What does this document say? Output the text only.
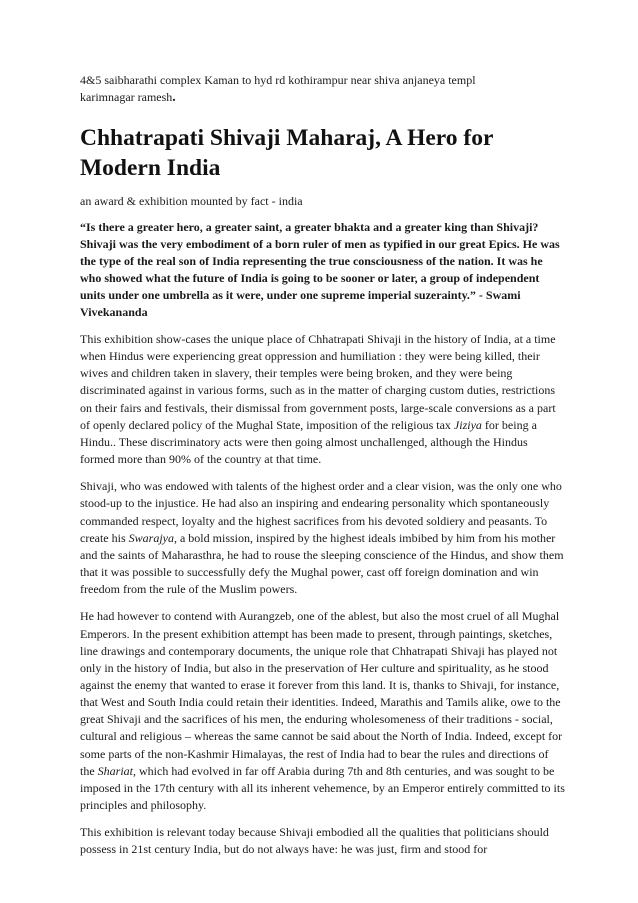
4&5 saibharathi complex Kaman to hyd rd kothirampur near shiva anjaneya templ
karimnagar ramesh.

Chhatrapati Shivaji Maharaj, A Hero for Modern India

an award & exhibition mounted by fact - india

“Is there a greater hero, a greater saint, a greater bhakta and a greater king than Shivaji? Shivaji was the very embodiment of a born ruler of men as typified in our great Epics. He was the type of the real son of India representing the true consciousness of the nation. It was he who showed what the future of India is going to be sooner or later, a group of independent units under one umbrella as it were, under one supreme imperial suzerainty.” - Swami Vivekananda

This exhibition show-cases the unique place of Chhatrapati Shivaji in the history of India, at a time when Hindus were experiencing great oppression and humiliation : they were being killed, their wives and children taken in slavery, their temples were being broken, and they were being discriminated against in various forms, such as in the matter of charging custom duties, restrictions on their fairs and festivals, their dismissal from government posts, large-scale conversions as a part of openly declared policy of the Mughal State, imposition of the religious tax Jiziya for being a Hindu.. These discriminatory acts were then going almost unchallenged, although the Hindus formed more than 90% of the country at that time.

Shivaji, who was endowed with talents of the highest order and a clear vision, was the only one who stood-up to the injustice. He had also an inspiring and endearing personality which spontaneously commanded respect, loyalty and the highest sacrifices from his devoted soldiery and peasants. To create his Swarajya, a bold mission, inspired by the highest ideals imbibed by him from his mother and the saints of Maharasthra, he had to rouse the sleeping conscience of the Hindus, and show them that it was possible to successfully defy the Mughal power, cast off foreign domination and win freedom from the rule of the Muslim powers.

He had however to contend with Aurangzeb, one of the ablest, but also the most cruel of all Mughal Emperors. In the present exhibition attempt has been made to present, through paintings, sketches, line drawings and contemporary documents, the unique role that Chhatrapati Shivaji has played not only in the history of India, but also in the preservation of Her culture and spirituality, as he stood against the enemy that wanted to erase it forever from this land. It is, thanks to Shivaji, for instance, that West and South India could retain their identities. Indeed, Marathis and Tamils alike, owe to the great Shivaji and the sacrifices of his men, the enduring wholesomeness of their traditions - social, cultural and religious – whereas the same cannot be said about the North of India. Indeed, except for some parts of the non-Kashmir Himalayas, the rest of India had to bear the rules and directions of the Shariat, which had evolved in far off Arabia during 7th and 8th centuries, and was sought to be imposed in the 17th century with all its inherent vehemence, by an Emperor entirely committed to its principles and philosophy.

This exhibition is relevant today because Shivaji embodied all the qualities that politicians should possess in 21st century India, but do not always have: he was just, firm and stood for
